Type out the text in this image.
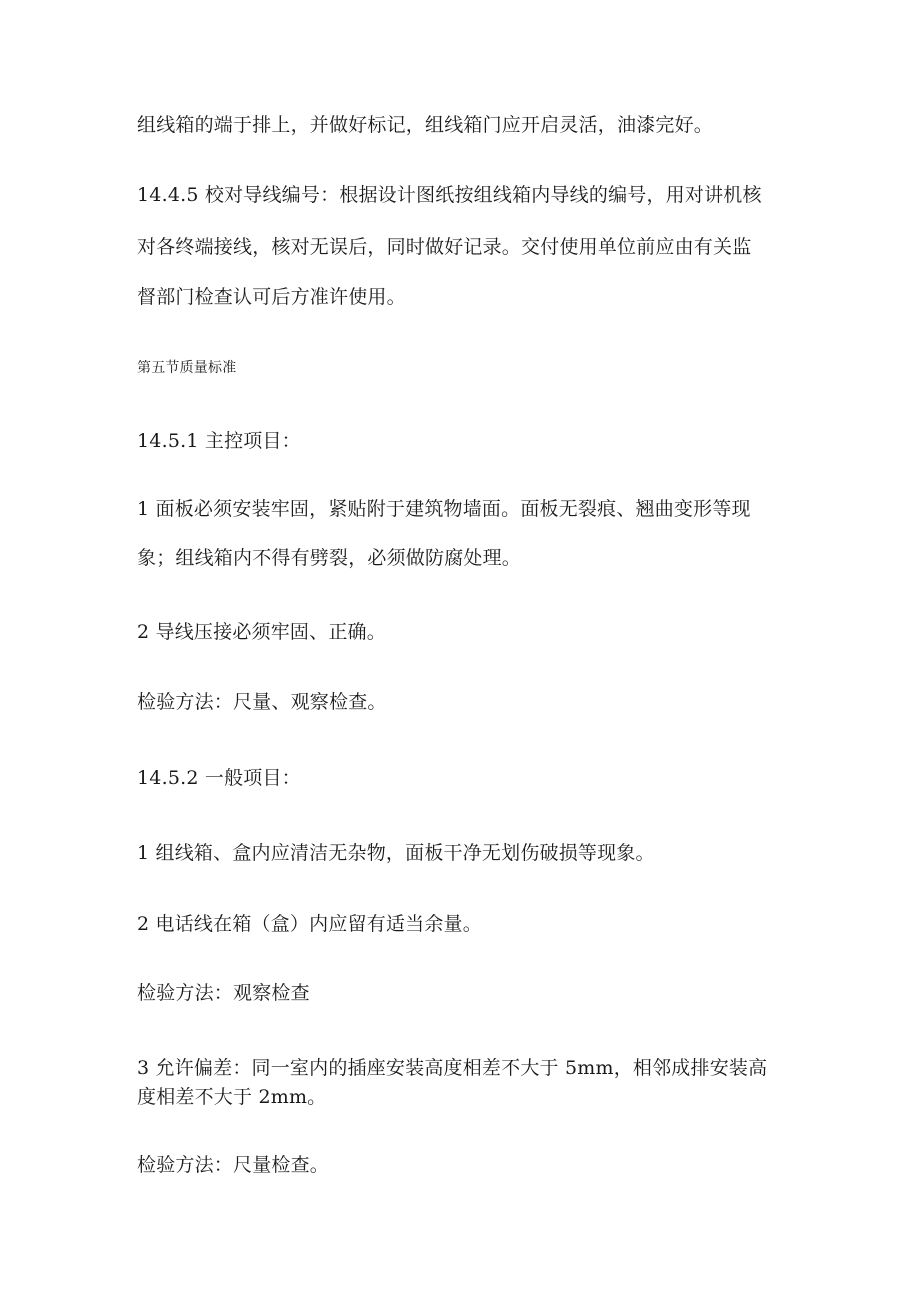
组线箱的端于排上，并做好标记，组线箱门应开启灵活，油漆完好。
14.4.5 校对导线编号：根据设计图纸按组线箱内导线的编号，用对讲机核
对各终端接线，核对无误后，同时做好记录。交付使用单位前应由有关监
督部门检查认可后方准许使用。
第五节质量标准
14.5.1 主控项目：
1 面板必须安装牢固，紧贴附于建筑物墙面。面板无裂痕、翘曲变形等现
象；组线箱内不得有劈裂，必须做防腐处理。
2 导线压接必须牢固、正确。
检验方法：尺量、观察检查。
14.5.2 一般项目：
1 组线箱、盒内应清洁无杂物，面板干净无划伤破损等现象。
2 电话线在箱（盒）内应留有适当余量。
检验方法：观察检查
3 允许偏差：同一室内的插座安装高度相差不大于 5mm，相邻成排安装高
度相差不大于 2mm。
检验方法：尺量检查。
